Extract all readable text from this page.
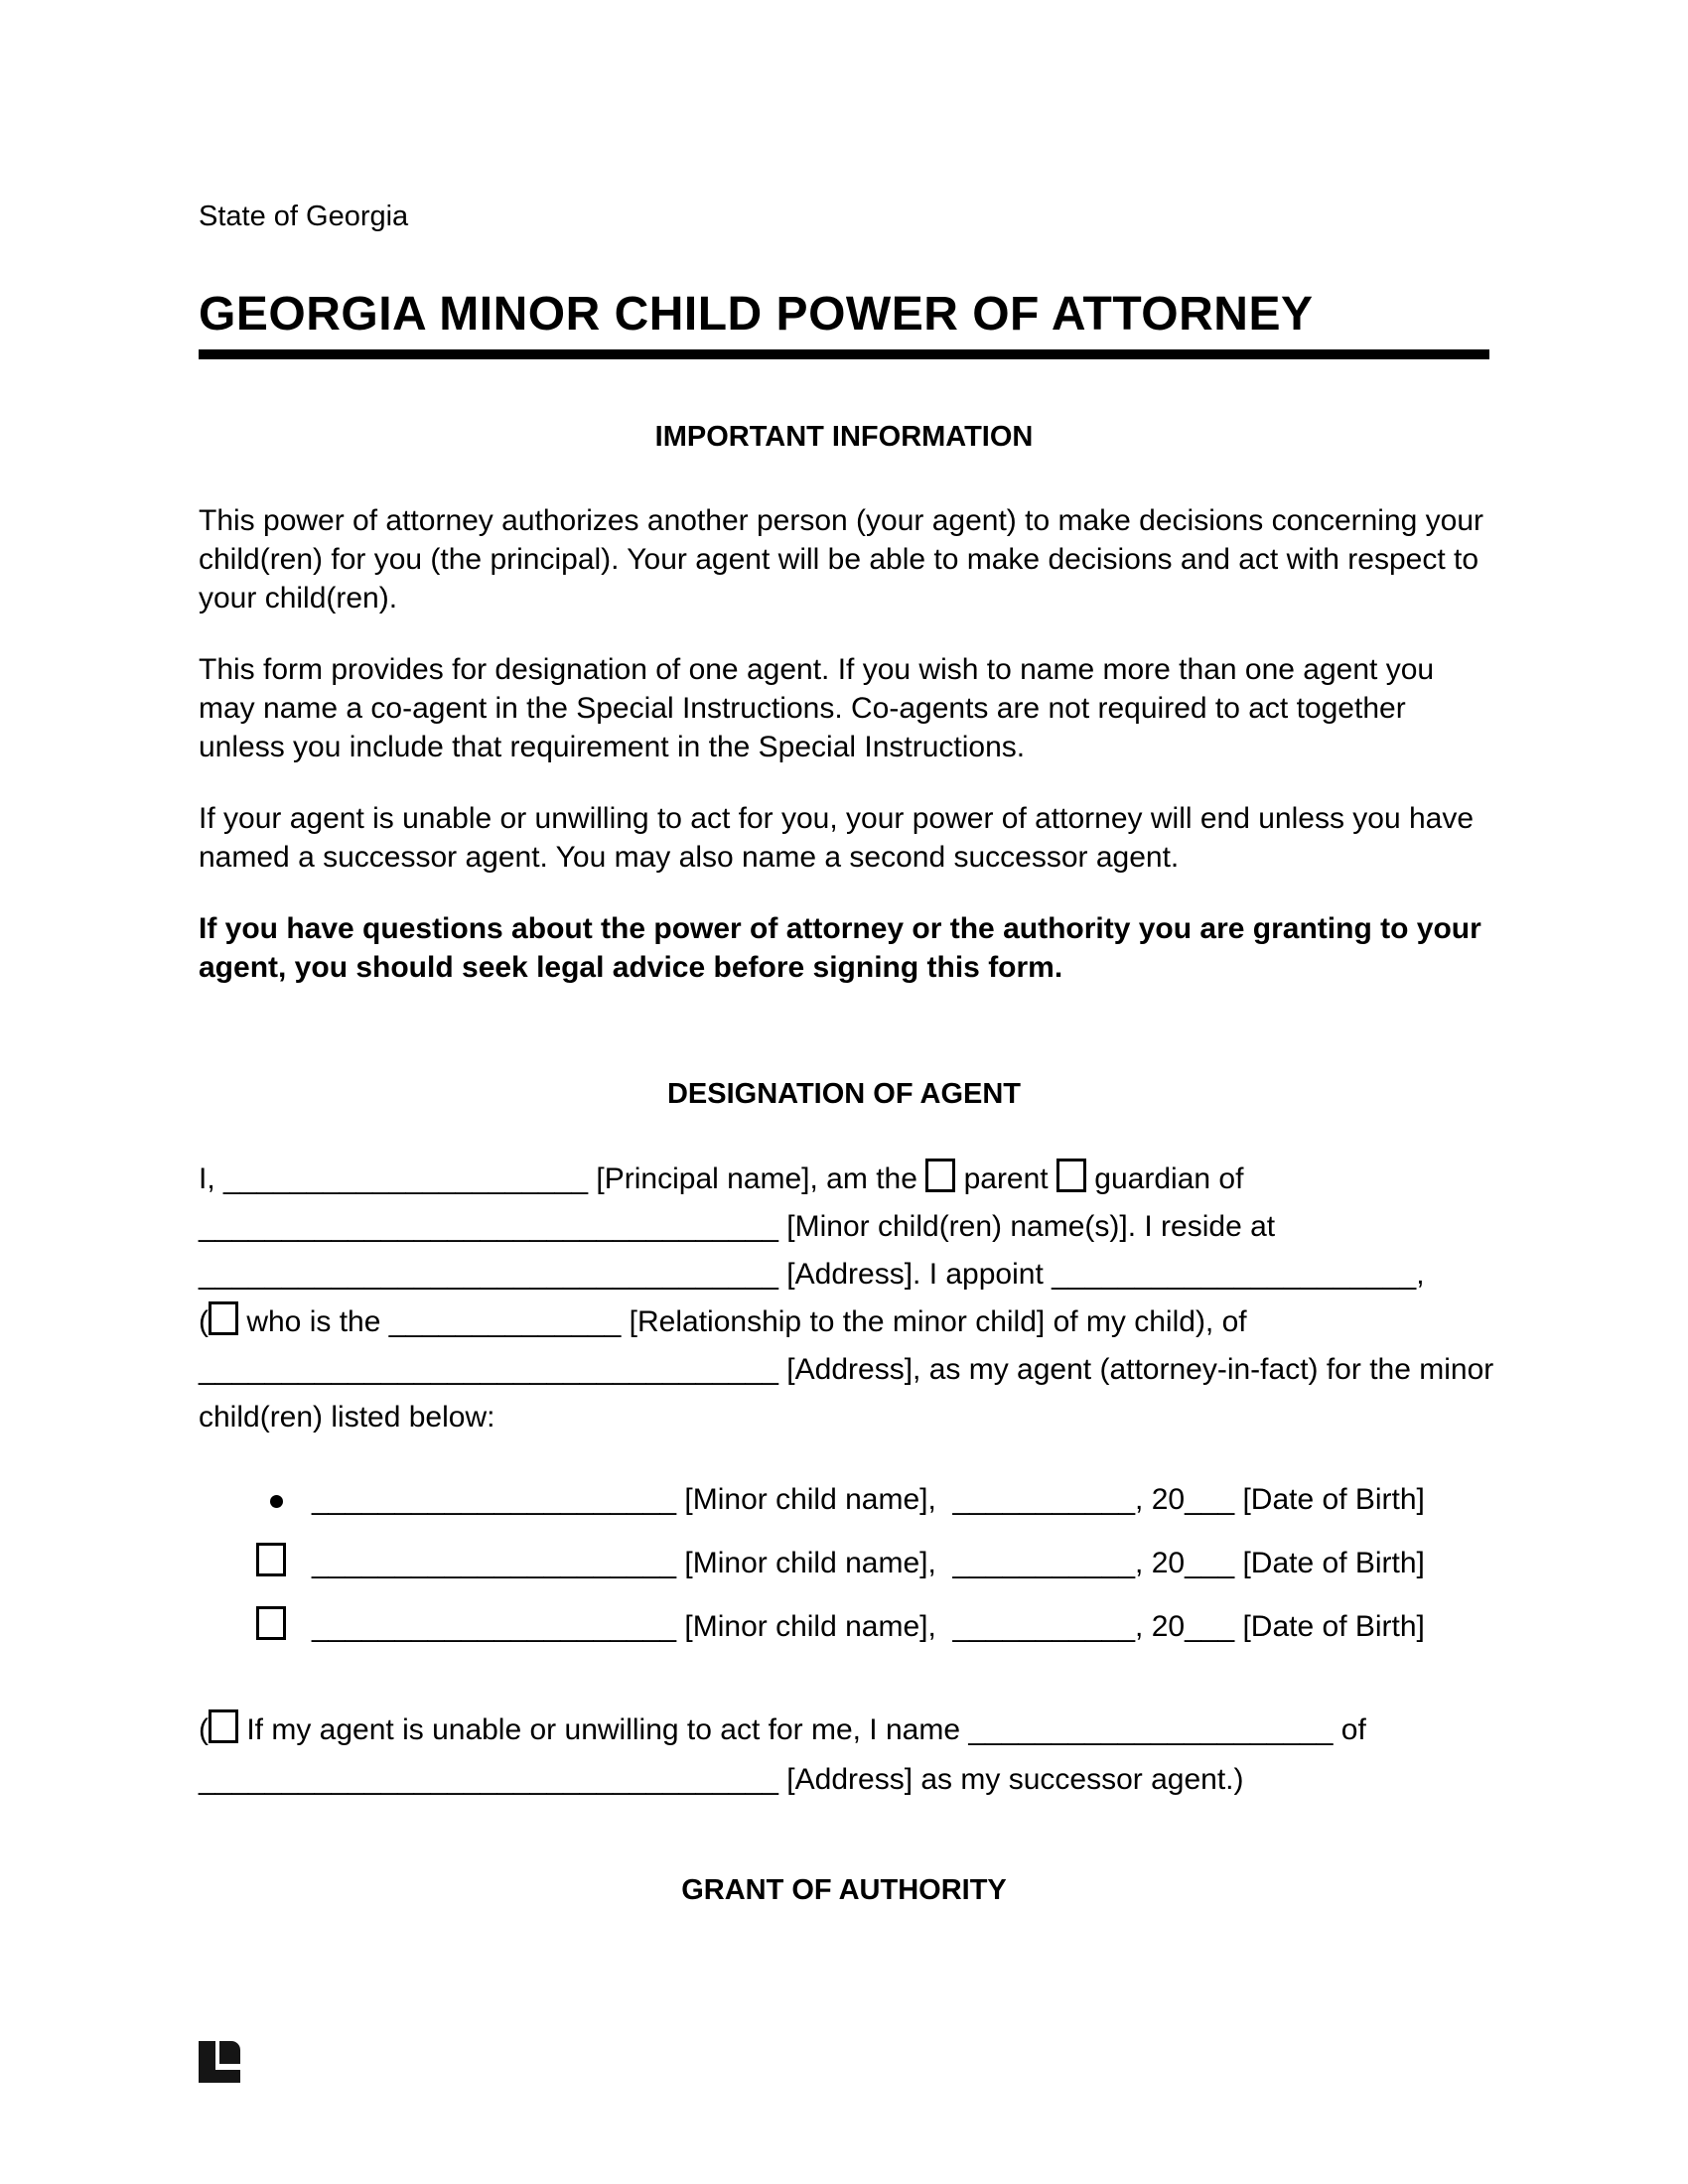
State of Georgia
GEORGIA MINOR CHILD POWER OF ATTORNEY
IMPORTANT INFORMATION
This power of attorney authorizes another person (your agent) to make decisions concerning your child(ren) for you (the principal). Your agent will be able to make decisions and act with respect to your child(ren).
This form provides for designation of one agent. If you wish to name more than one agent you may name a co-agent in the Special Instructions. Co-agents are not required to act together unless you include that requirement in the Special Instructions.
If your agent is unable or unwilling to act for you, your power of attorney will end unless you have named a successor agent. You may also name a second successor agent.
If you have questions about the power of attorney or the authority you are granting to your agent, you should seek legal advice before signing this form.
DESIGNATION OF AGENT
I, ______________________ [Principal name], am the  parent  guardian of
___________________________________ [Minor child(ren) name(s)]. I reside at
___________________________________ [Address]. I appoint ______________________,
( who is the ______________ [Relationship to the minor child] of my child), of
___________________________________ [Address], as my agent (attorney-in-fact) for the minor
child(ren) listed below:
______________________ [Minor child name],  ___________, 20___ [Date of Birth]
______________________ [Minor child name],  ___________, 20___ [Date of Birth]
______________________ [Minor child name],  ___________, 20___ [Date of Birth]
( If my agent is unable or unwilling to act for me, I name ______________________ of
___________________________________ [Address] as my successor agent.)
GRANT OF AUTHORITY
